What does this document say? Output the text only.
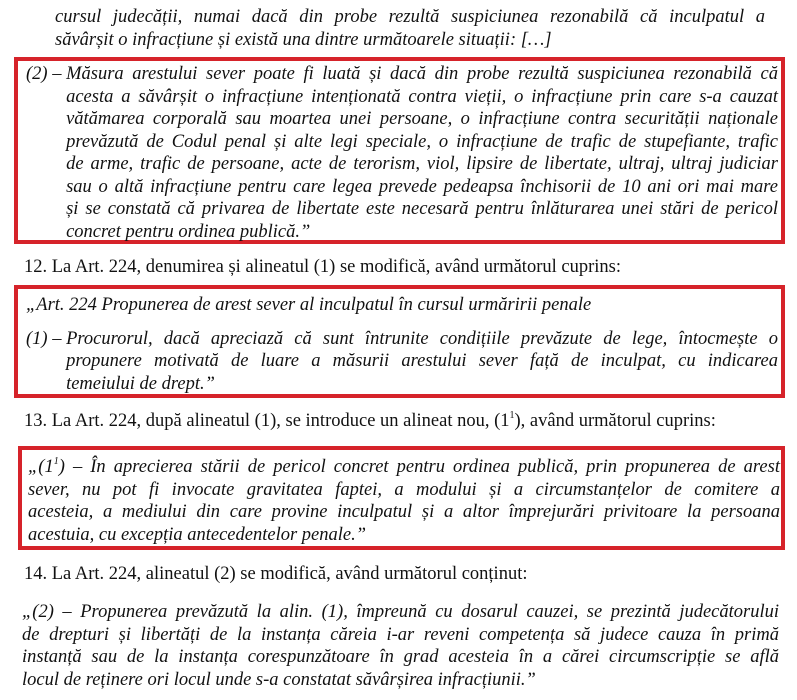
cursul judecății, numai dacă din probe rezultă suspiciunea rezonabilă că inculpatul a
săvârșit o infracțiune și există una dintre următoarele situații: […]
(2) – Măsura arestului sever poate fi luată și dacă din probe rezultă suspiciunea rezonabilă că
acesta a săvârșit o infracțiune intenționată contra vieții, o infracțiune prin care s-a cauzat
vătămarea corporală sau moartea unei persoane, o infracțiune contra securității naționale
prevăzută de Codul penal și alte legi speciale, o infracțiune de trafic de stupefiante, trafic
de arme, trafic de persoane, acte de terorism, viol, lipsire de libertate, ultraj, ultraj judiciar
sau o altă infracțiune pentru care legea prevede pedeapsa închisorii de 10 ani ori mai mare
și se constată că privarea de libertate este necesară pentru înlăturarea unei stări de pericol
concret pentru ordinea publică.”
12. La Art. 224, denumirea și alineatul (1) se modifică, având următorul cuprins:
„Art. 224 Propunerea de arest sever al inculpatul în cursul urmăririi penale
(1) – Procurorul, dacă apreciază că sunt întrunite condițiile prevăzute de lege, întocmește o
propunere motivată de luare a măsurii arestului sever față de inculpat, cu indicarea
temeiului de drept.”
13. La Art. 224, după alineatul (1), se introduce un alineat nou, $(1^1)$, având următorul cuprins:
$„(1^1)$ – În aprecierea stării de pericol concret pentru ordinea publică, prin propunerea de arest
sever, nu pot fi invocate gravitatea faptei, a modului și a circumstanțelor de comitere a
acesteia, a mediului din care provine inculpatul și a altor împrejurări privitoare la persoana
acestuia, cu excepția antecedentelor penale.”
14. La Art. 224, alineatul (2) se modifică, având următorul conținut:
„(2) – Propunerea prevăzută la alin. (1), împreună cu dosarul cauzei, se prezintă judecătorului
de drepturi și libertăți de la instanța căreia i-ar reveni competența să judece cauza în primă
instanță sau de la instanța corespunzătoare în grad acesteia în a cărei circumscripție se află
locul de reținere ori locul unde s-a constatat săvârșirea infracțiunii.”
